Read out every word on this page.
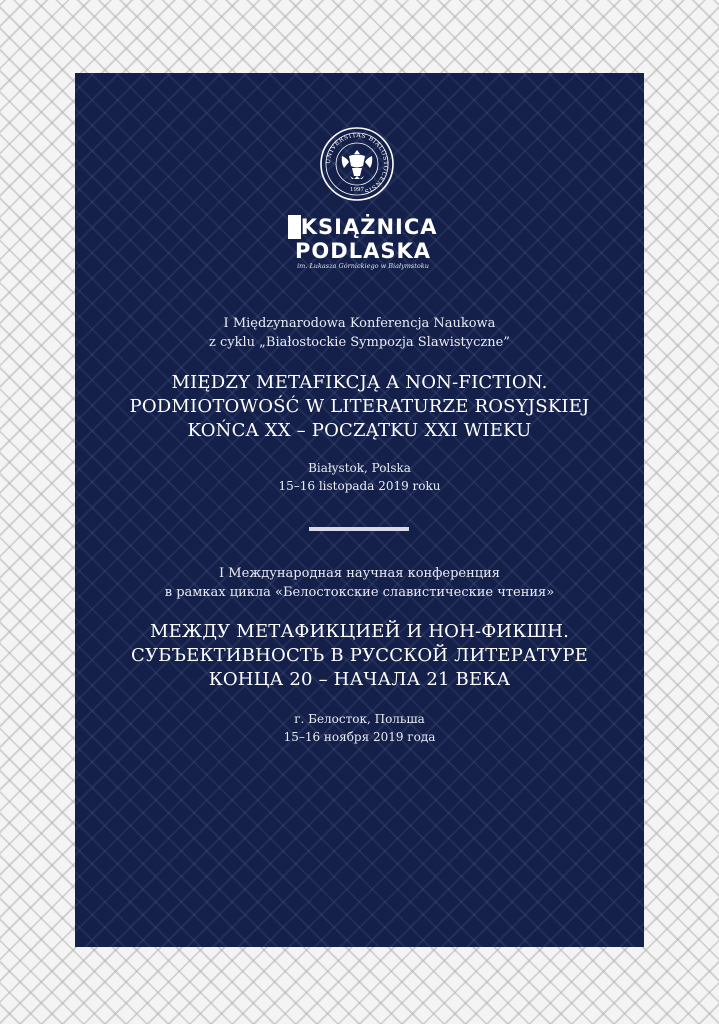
UNIVERSITAS BIALOSTOCENSIS
1997
KSIĄŻNICA
PODLASKA
im. Łukasza Górnickiego w Białymstoku
I Międzynarodowa Konferencja Naukowa
z cyklu „Białostockie Sympozja Slawistyczne”
MIĘDZY METAFIKCJĄ A NON-FICTION.
PODMIOTOWOŚĆ W LITERATURZE ROSYJSKIEJ
KOŃCA XX – POCZĄTKU XXI WIEKU
Białystok, Polska
15–16 listopada 2019 roku
I Международная научная конференция
в рамках цикла «Белостокские славистические чтения»
МЕЖДУ МЕТАФИКЦИЕЙ И НОН-ФИКШН.
СУБЪЕКТИВНОСТЬ В РУССКОЙ ЛИТЕРАТУРЕ
КОНЦА 20 – НАЧАЛА 21 ВЕКА
г. Белосток, Польша
15–16 ноября 2019 года
